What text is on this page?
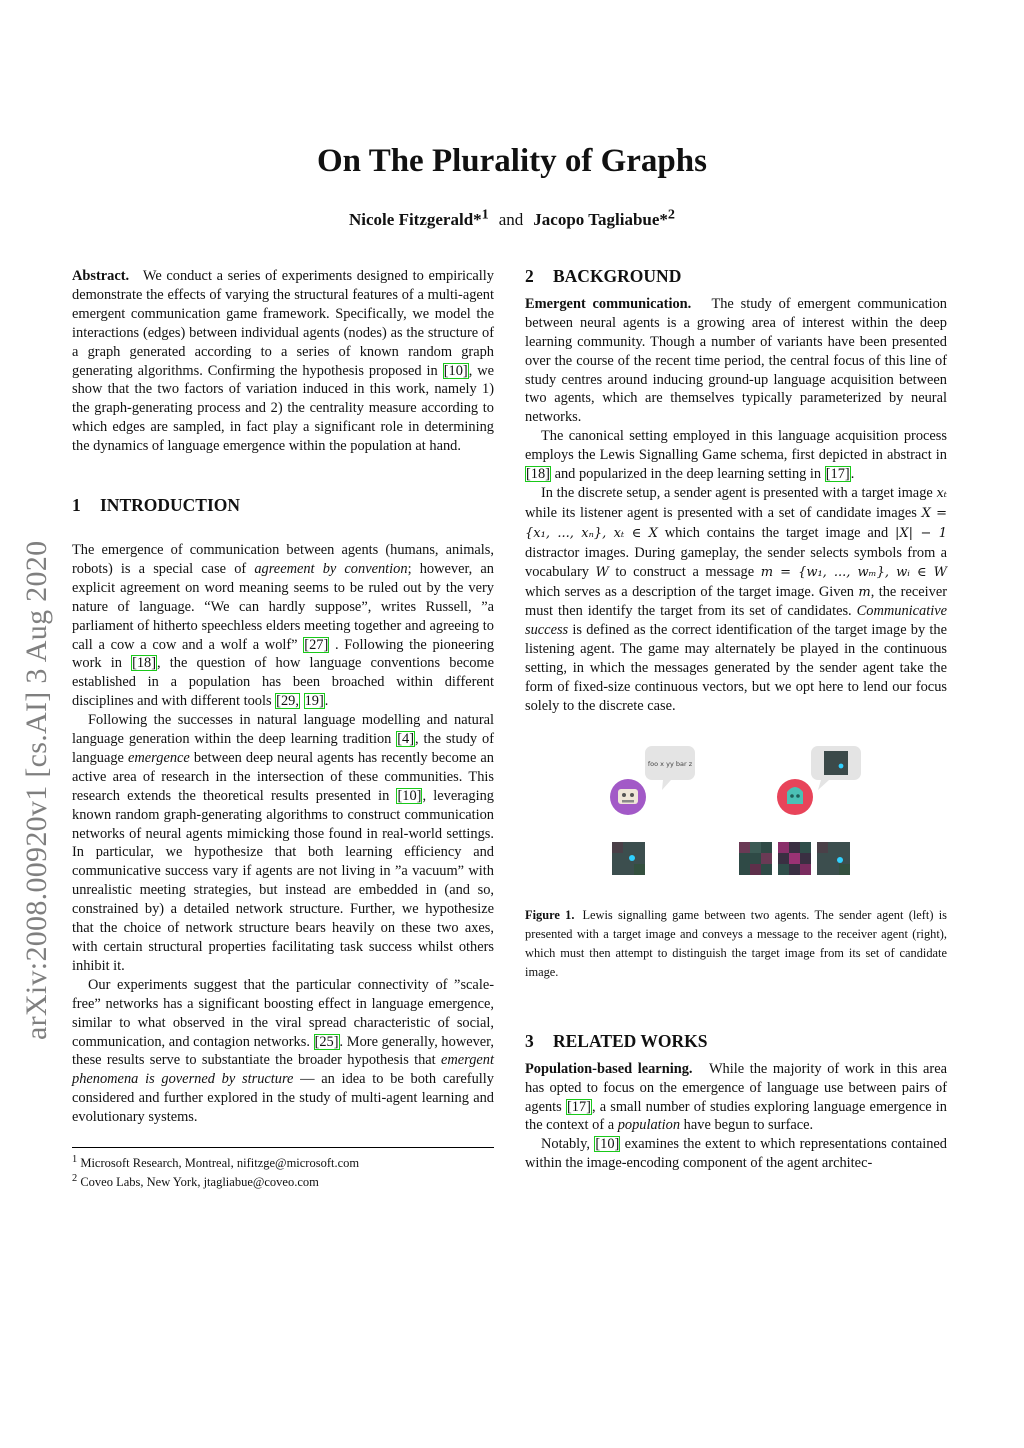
arXiv:2008.00920v1 [cs.AI] 3 Aug 2020
On The Plurality of Graphs
Nicole Fitzgerald*$^1$ and Jacopo Tagliabue*$^2$

Abstract. We conduct a series of experiments designed to empirically demonstrate the effects of varying the structural features of a multi-agent emergent communication game framework. Specifically, we model the interactions (edges) between individual agents (nodes) as the structure of a graph generated according to a series of known random graph generating algorithms. Confirming the hypothesis proposed in [10], we show that the two factors of variation induced in this work, namely 1) the graph-generating process and 2) the centrality measure according to which edges are sampled, in fact play a significant role in determining the dynamics of language emergence within the population at hand.

1 INTRODUCTION

The emergence of communication between agents (humans, animals, robots) is a special case of agreement by convention; however, an explicit agreement on word meaning seems to be ruled out by the very nature of language. “We can hardly suppose”, writes Russell, ”a parliament of hitherto speechless elders meeting together and agreeing to call a cow a cow and a wolf a wolf” [27] . Following the pioneering work in [18], the question of how language conventions become established in a population has been broached within different disciplines and with different tools [29, 19].

Following the successes in natural language modelling and natural language generation within the deep learning tradition [4], the study of language emergence between deep neural agents has recently become an active area of research in the intersection of these communities. This research extends the theoretical results presented in [10], leveraging known random graph-generating algorithms to construct communication networks of neural agents mimicking those found in real-world settings. In particular, we hypothesize that both learning efficiency and communicative success vary if agents are not living in ”a vacuum” with unrealistic meeting strategies, but instead are embedded in (and so, constrained by) a detailed network structure. Further, we hypothesize that the choice of network structure bears heavily on these two axes, with certain structural properties facilitating task success whilst others inhibit it.

Our experiments suggest that the particular connectivity of ”scale-free” networks has a significant boosting effect in language emergence, similar to what observed in the viral spread characteristic of social, communication, and contagion networks. [25]. More generally, however, these results serve to substantiate the broader hypothesis that emergent phenomena is governed by structure — an idea to be both carefully considered and further explored in the study of multi-agent learning and evolutionary systems.

$^1$ Microsoft Research, Montreal, nifitzge@microsoft.com

$^2$ Coveo Labs, New York, jtagliabue@coveo.com

2 BACKGROUND

Emergent communication. The study of emergent communication between neural agents is a growing area of interest within the deep learning community. Though a number of variants have been presented over the course of the recent time period, the central focus of this line of study centres around inducing ground-up language acquisition between two agents, which are themselves typically parameterized by neural networks.

The canonical setting employed in this language acquisition process employs the Lewis Signalling Game schema, first depicted in abstract in [18] and popularized in the deep learning setting in [17].

In the discrete setup, a sender agent is presented with a target image xₜ while its listener agent is presented with a set of candidate images X = {x₁, ..., xₙ}, xₜ ∈ X which contains the target image and |X| − 1 distractor images. During gameplay, the sender selects symbols from a vocabulary W to construct a message m = {w₁, ..., wₘ}, wᵢ ∈ W which serves as a description of the target image. Given m, the receiver must then identify the target from its set of candidates. Communicative success is defined as the correct identification of the target image by the listening agent. The game may alternately be played in the continuous setting, in which the messages generated by the sender agent take the form of fixed-size continuous vectors, but we opt here to lend our focus solely to the discrete case.

foo x yy bar z

Figure 1. Lewis signalling game between two agents. The sender agent (left) is presented with a target image and conveys a message to the receiver agent (right), which must then attempt to distinguish the target image from its set of candidate image.

3 RELATED WORKS

Population-based learning. While the majority of work in this area has opted to focus on the emergence of language use between pairs of agents [17], a small number of studies exploring language emergence in the context of a population have begun to surface.

Notably, [10] examines the extent to which representations contained within the image-encoding component of the agent architec-
